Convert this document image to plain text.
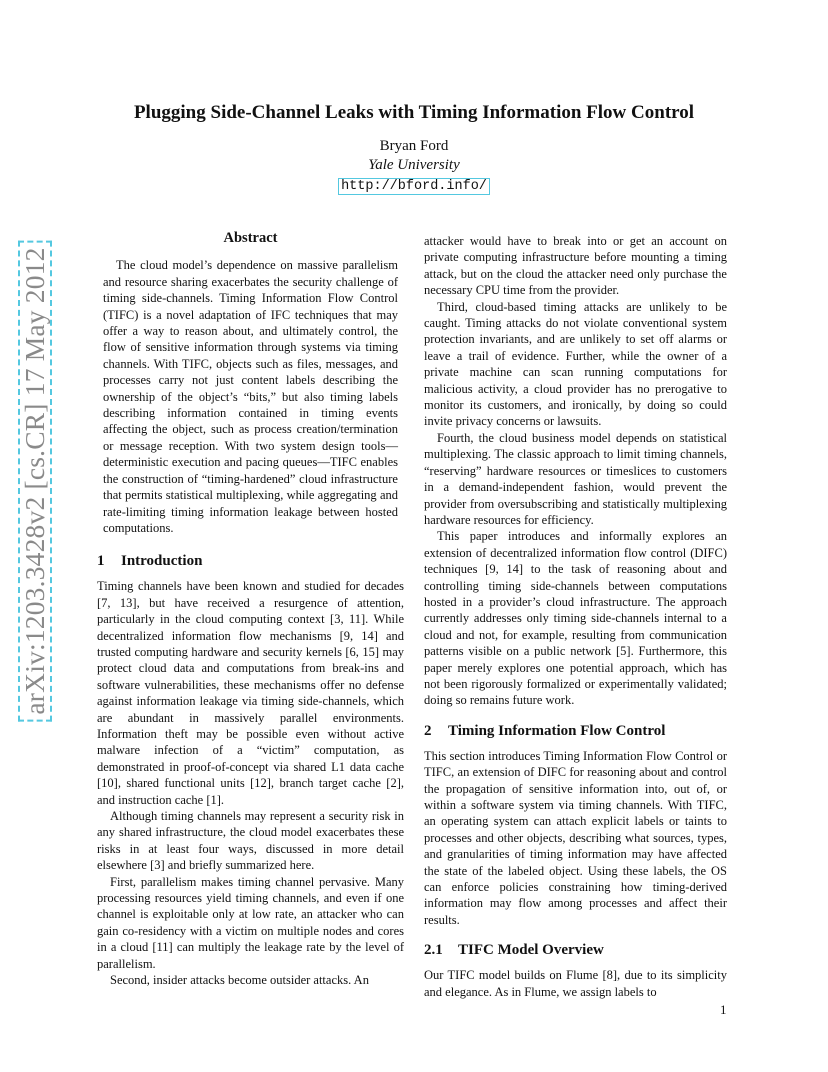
arXiv:1203.3428v2 [cs.CR] 17 May 2012
Plugging Side-Channel Leaks with Timing Information Flow Control
Bryan Ford
Yale University
http://bford.info/
Abstract

The cloud model’s dependence on massive parallelism and resource sharing exacerbates the security challenge of timing side-channels. Timing Information Flow Control (TIFC) is a novel adaptation of IFC techniques that may offer a way to reason about, and ultimately control, the flow of sensitive information through systems via timing channels. With TIFC, objects such as files, messages, and processes carry not just content labels describing the ownership of the object’s “bits,” but also timing labels describing information contained in timing events affecting the object, such as process creation/termination or message reception. With two system design tools—deterministic execution and pacing queues—TIFC enables the construction of “timing-hardened” cloud infrastructure that permits statistical multiplexing, while aggregating and rate-limiting timing information leakage between hosted computations.

1 Introduction

Timing channels have been known and studied for decades [7, 13], but have received a resurgence of attention, particularly in the cloud computing context [3, 11]. While decentralized information flow mechanisms [9, 14] and trusted computing hardware and security kernels [6, 15] may protect cloud data and computations from break-ins and software vulnerabilities, these mechanisms offer no defense against information leakage via timing side-channels, which are abundant in massively parallel environments. Information theft may be possible even without active malware infection of a “victim” computation, as demonstrated in proof-of-concept via shared L1 data cache [10], shared functional units [12], branch target cache [2], and instruction cache [1].

Although timing channels may represent a security risk in any shared infrastructure, the cloud model exacerbates these risks in at least four ways, discussed in more detail elsewhere [3] and briefly summarized here.

First, parallelism makes timing channel pervasive. Many processing resources yield timing channels, and even if one channel is exploitable only at low rate, an attacker who can gain co-residency with a victim on multiple nodes and cores in a cloud [11] can multiply the leakage rate by the level of parallelism.

Second, insider attacks become outsider attacks. An

attacker would have to break into or get an account on private computing infrastructure before mounting a timing attack, but on the cloud the attacker need only purchase the necessary CPU time from the provider.

Third, cloud-based timing attacks are unlikely to be caught. Timing attacks do not violate conventional system protection invariants, and are unlikely to set off alarms or leave a trail of evidence. Further, while the owner of a private machine can scan running computations for malicious activity, a cloud provider has no prerogative to monitor its customers, and ironically, by doing so could invite privacy concerns or lawsuits.

Fourth, the cloud business model depends on statistical multiplexing. The classic approach to limit timing channels, “reserving” hardware resources or timeslices to customers in a demand-independent fashion, would prevent the provider from oversubscribing and statistically multiplexing hardware resources for efficiency.

This paper introduces and informally explores an extension of decentralized information flow control (DIFC) techniques [9, 14] to the task of reasoning about and controlling timing side-channels between computations hosted in a provider’s cloud infrastructure. The approach currently addresses only timing side-channels internal to a cloud and not, for example, resulting from communication patterns visible on a public network [5]. Furthermore, this paper merely explores one potential approach, which has not been rigorously formalized or experimentally validated; doing so remains future work.

2 Timing Information Flow Control

This section introduces Timing Information Flow Control or TIFC, an extension of DIFC for reasoning about and control the propagation of sensitive information into, out of, or within a software system via timing channels. With TIFC, an operating system can attach explicit labels or taints to processes and other objects, describing what sources, types, and granularities of timing information may have affected the state of the labeled object. Using these labels, the OS can enforce policies constraining how timing-derived information may flow among processes and affect their results.

2.1 TIFC Model Overview

Our TIFC model builds on Flume [8], due to its simplicity and elegance. As in Flume, we assign labels to

1
